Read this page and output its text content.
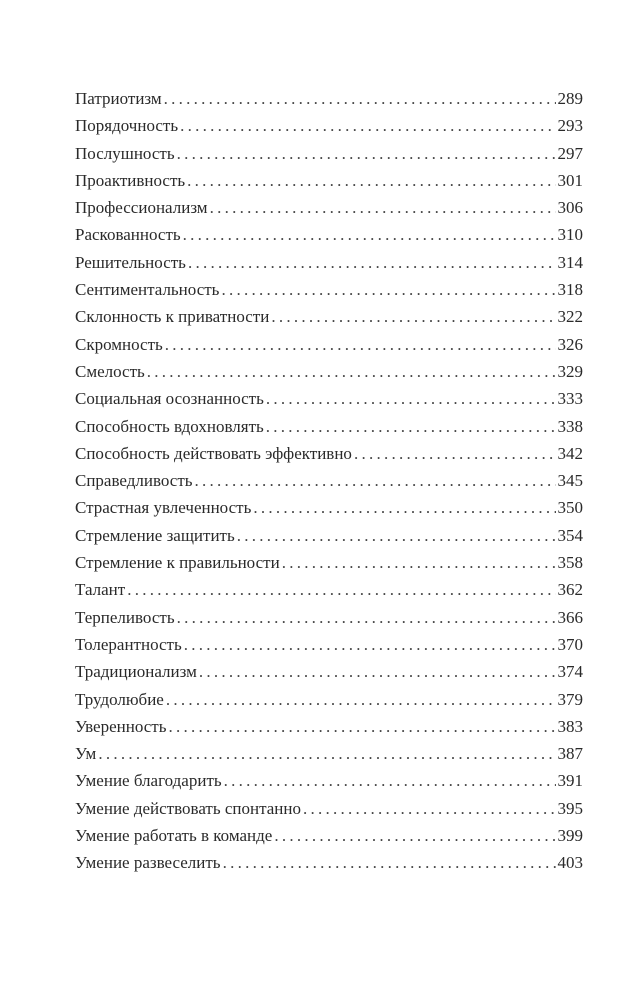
Патриотизм . . .	289
Порядочность . . .	293
Послушность . . .	297
Проактивность . . .	301
Профессионализм . . .	306
Раскованность . . .	310
Решительность . . .	314
Сентиментальность . . .	318
Склонность к приватности . . .	322
Скромность . . .	326
Смелость . . .	329
Социальная осознанность . . .	333
Способность вдохновлять . . .	338
Способность действовать эффективно . . .	342
Справедливость . . .	345
Страстная увлеченность . . .	350
Стремление защитить . . .	354
Стремление к правильности . . .	358
Талант . . .	362
Терпеливость . . .	366
Толерантность . . .	370
Традиционализм . . .	374
Трудолюбие . . .	379
Уверенность . . .	383
Ум . . .	387
Умение благодарить . . .	391
Умение действовать спонтанно . . .	395
Умение работать в команде . . .	399
Умение развеселить . . .	403
